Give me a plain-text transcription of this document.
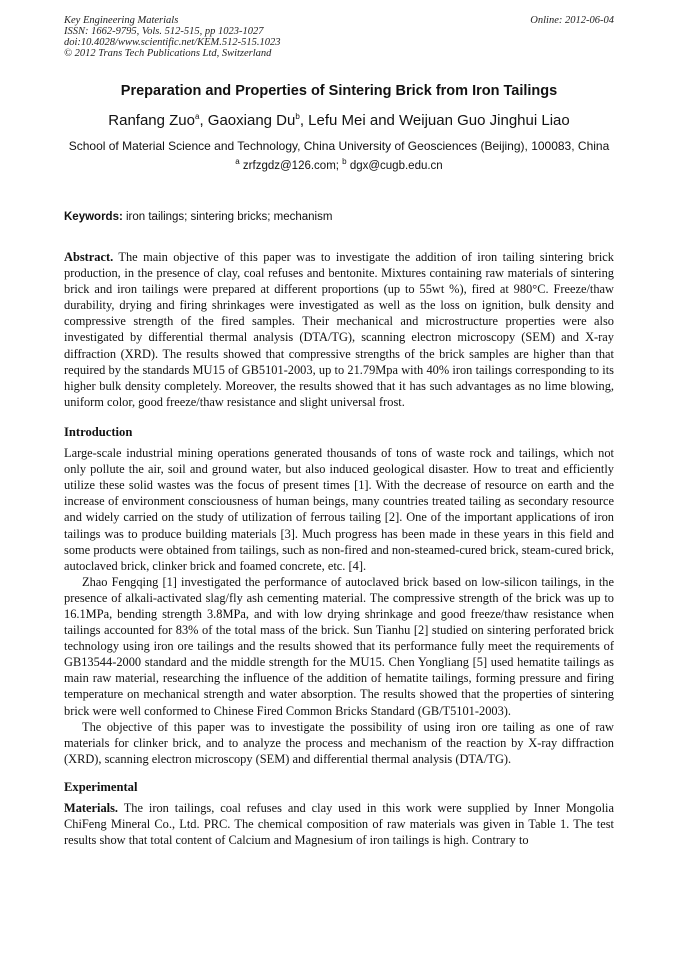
Key Engineering Materials
ISSN: 1662-9795, Vols. 512-515, pp 1023-1027
doi:10.4028/www.scientific.net/KEM.512-515.1023
© 2012 Trans Tech Publications Ltd, Switzerland
Online: 2012-06-04
Preparation and Properties of Sintering Brick from Iron Tailings
Ranfang Zuo$^a$, Gaoxiang Du$^b$, Lefu Mei and Weijuan Guo Jinghui Liao
School of Material Science and Technology, China University of Geosciences (Beijing), 100083, China
$^a$ zrfzgdz@126.com; $^b$ dgx@cugb.edu.cn
Keywords: iron tailings; sintering bricks; mechanism

Abstract. The main objective of this paper was to investigate the addition of iron tailing sintering brick production, in the presence of clay, coal refuses and bentonite. Mixtures containing raw materials of sintering brick and iron tailings were prepared at different proportions (up to 55wt %), fired at 980°C. Freeze/thaw durability, drying and firing shrinkages were investigated as well as the loss on ignition, bulk density and compressive strength of the fired samples. Their mechanical and microstructure properties were also investigated by differential thermal analysis (DTA/TG), scanning electron microscopy (SEM) and X-ray diffraction (XRD). The results showed that compressive strengths of the brick samples are higher than that required by the standards MU15 of GB5101-2003, up to 21.79Mpa with 40% iron tailings corresponding to its higher bulk density completely. Moreover, the results showed that it has such advantages as no lime blowing, uniform color, good freeze/thaw resistance and slight universal frost.

Introduction

Large-scale industrial mining operations generated thousands of tons of waste rock and tailings, which not only pollute the air, soil and ground water, but also induced geological disaster. How to treat and efficiently utilize these solid wastes was the focus of present times [1]. With the decrease of resource on earth and the increase of environment consciousness of human beings, many countries treated tailing as secondary resource and widely carried on the study of utilization of ferrous tailing [2]. One of the important applications of iron tailings was to produce building materials [3]. Much progress has been made in these years in this field and some products were obtained from tailings, such as non-fired and non-steamed-cured brick, steam-cured brick, autoclaved brick, clinker brick and foamed concrete, etc. [4].

Zhao Fengqing [1] investigated the performance of autoclaved brick based on low-silicon tailings, in the presence of alkali-activated slag/fly ash cementing material. The compressive strength of the brick was up to 16.1MPa, bending strength 3.8MPa, and with low drying shrinkage and good freeze/thaw resistance when tailings accounted for 83% of the total mass of the brick. Sun Tianhu [2] studied on sintering perforated brick technology using iron ore tailings and the results showed that its performance fully meet the requirements of GB13544-2000 standard and the middle strength for the MU15. Chen Yongliang [5] used hematite tailings as main raw material, researching the influence of the addition of hematite tailings, forming pressure and firing temperature on mechanical strength and water absorption. The results showed that the properties of sintering brick were well conformed to Chinese Fired Common Bricks Standard (GB/T5101-2003).

The objective of this paper was to investigate the possibility of using iron ore tailing as one of raw materials for clinker brick, and to analyze the process and mechanism of the reaction by X-ray diffraction (XRD), scanning electron microscopy (SEM) and differential thermal analysis (DTA/TG).

Experimental

Materials. The iron tailings, coal refuses and clay used in this work were supplied by Inner Mongolia ChiFeng Mineral Co., Ltd. PRC. The chemical composition of raw materials was given in Table 1. The test results show that total content of Calcium and Magnesium of iron tailings is high. Contrary to
